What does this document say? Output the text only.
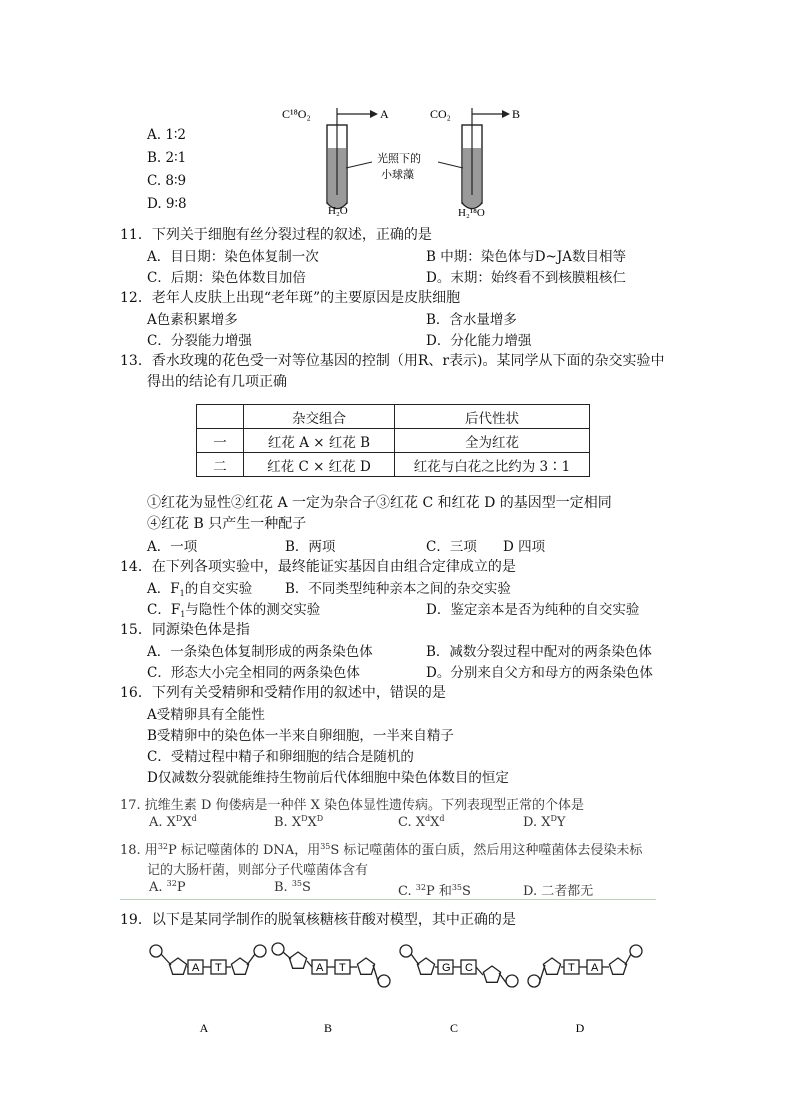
A. 1∶2
B. 2∶1
C. 8∶9
D. 9∶8
C¹⁸O₂	A
H₂O
CO₂	B
H₂¹⁸O
光照下的
小球藻
11．下列关于细胞有丝分裂过程的叙述，正确的是
A．目日期：染色体复制一次	B 中期：染色体与D~JA数目相等
C．后期：染色体数目加倍	D。末期：始终看不到核膜粗核仁
12．老年人皮肤上出现“老年斑”的主要原因是皮肤细胞
A色素积累增多	B．含水量增多
C．分裂能力增强	D．分化能力增强
13．香水玫瑰的花色受一对等位基因的控制（用R、r表示)。某同学从下面的杂交实验中
得出的结论有几项正确
	杂交组合	后代性状
一	红花 A × 红花 B	全为红花
二	红花 C × 红花 D	红花与白花之比约为 3∶1
①红花为显性②红花 A 一定为杂合子③红花 C 和红花 D 的基因型一定相同
④红花 B 只产生一种配子
A．一项	B．两项	C．三项 D 四项
14．在下列各项实验中，最终能证实基因自由组合定律成立的是
A．$F_1$的自交实验 B．不同类型纯种亲本之间的杂交实验
C．$F_1$与隐性个体的测交实验	D．鉴定亲本是否为纯种的自交实验
15．同源染色体是指
A．一条染色体复制形成的两条染色体	B．减数分裂过程中配对的两条染色体
C．形态大小完全相同的两条染色体	D。分别来自父方和母方的两条染色体
16．下列有关受精卵和受精作用的叙述中，错误的是
A受精卵具有全能性
B受精卵中的染色体一半来自卵细胞，一半来自精子
C．受精过程中精子和卵细胞的结合是随机的
D仅减数分裂就能维持生物前后代体细胞中染色体数目的恒定
17. 抗维生素 D 佝偻病是一种伴 X 染色体显性遗传病。下列表现型正常的个体是
A. $X^DX^d$	B. $X^DX^D$	C. $X^dX^d$	D. $X^DY$
18. 用$^{32}$P 标记噬菌体的 DNA，用$^{35}$S 标记噬菌体的蛋白质，然后用这种噬菌体去侵染未标
记的大肠杆菌，则部分子代噬菌体含有
A. $^{32}$P	B. $^{35}$S	C. $^{32}$P 和$^{35}$S	D. 二者都无
19．以下是某同学制作的脱氧核糖核苷酸对模型，其中正确的是
A T
A
A T
B
G C
C
T A
D
